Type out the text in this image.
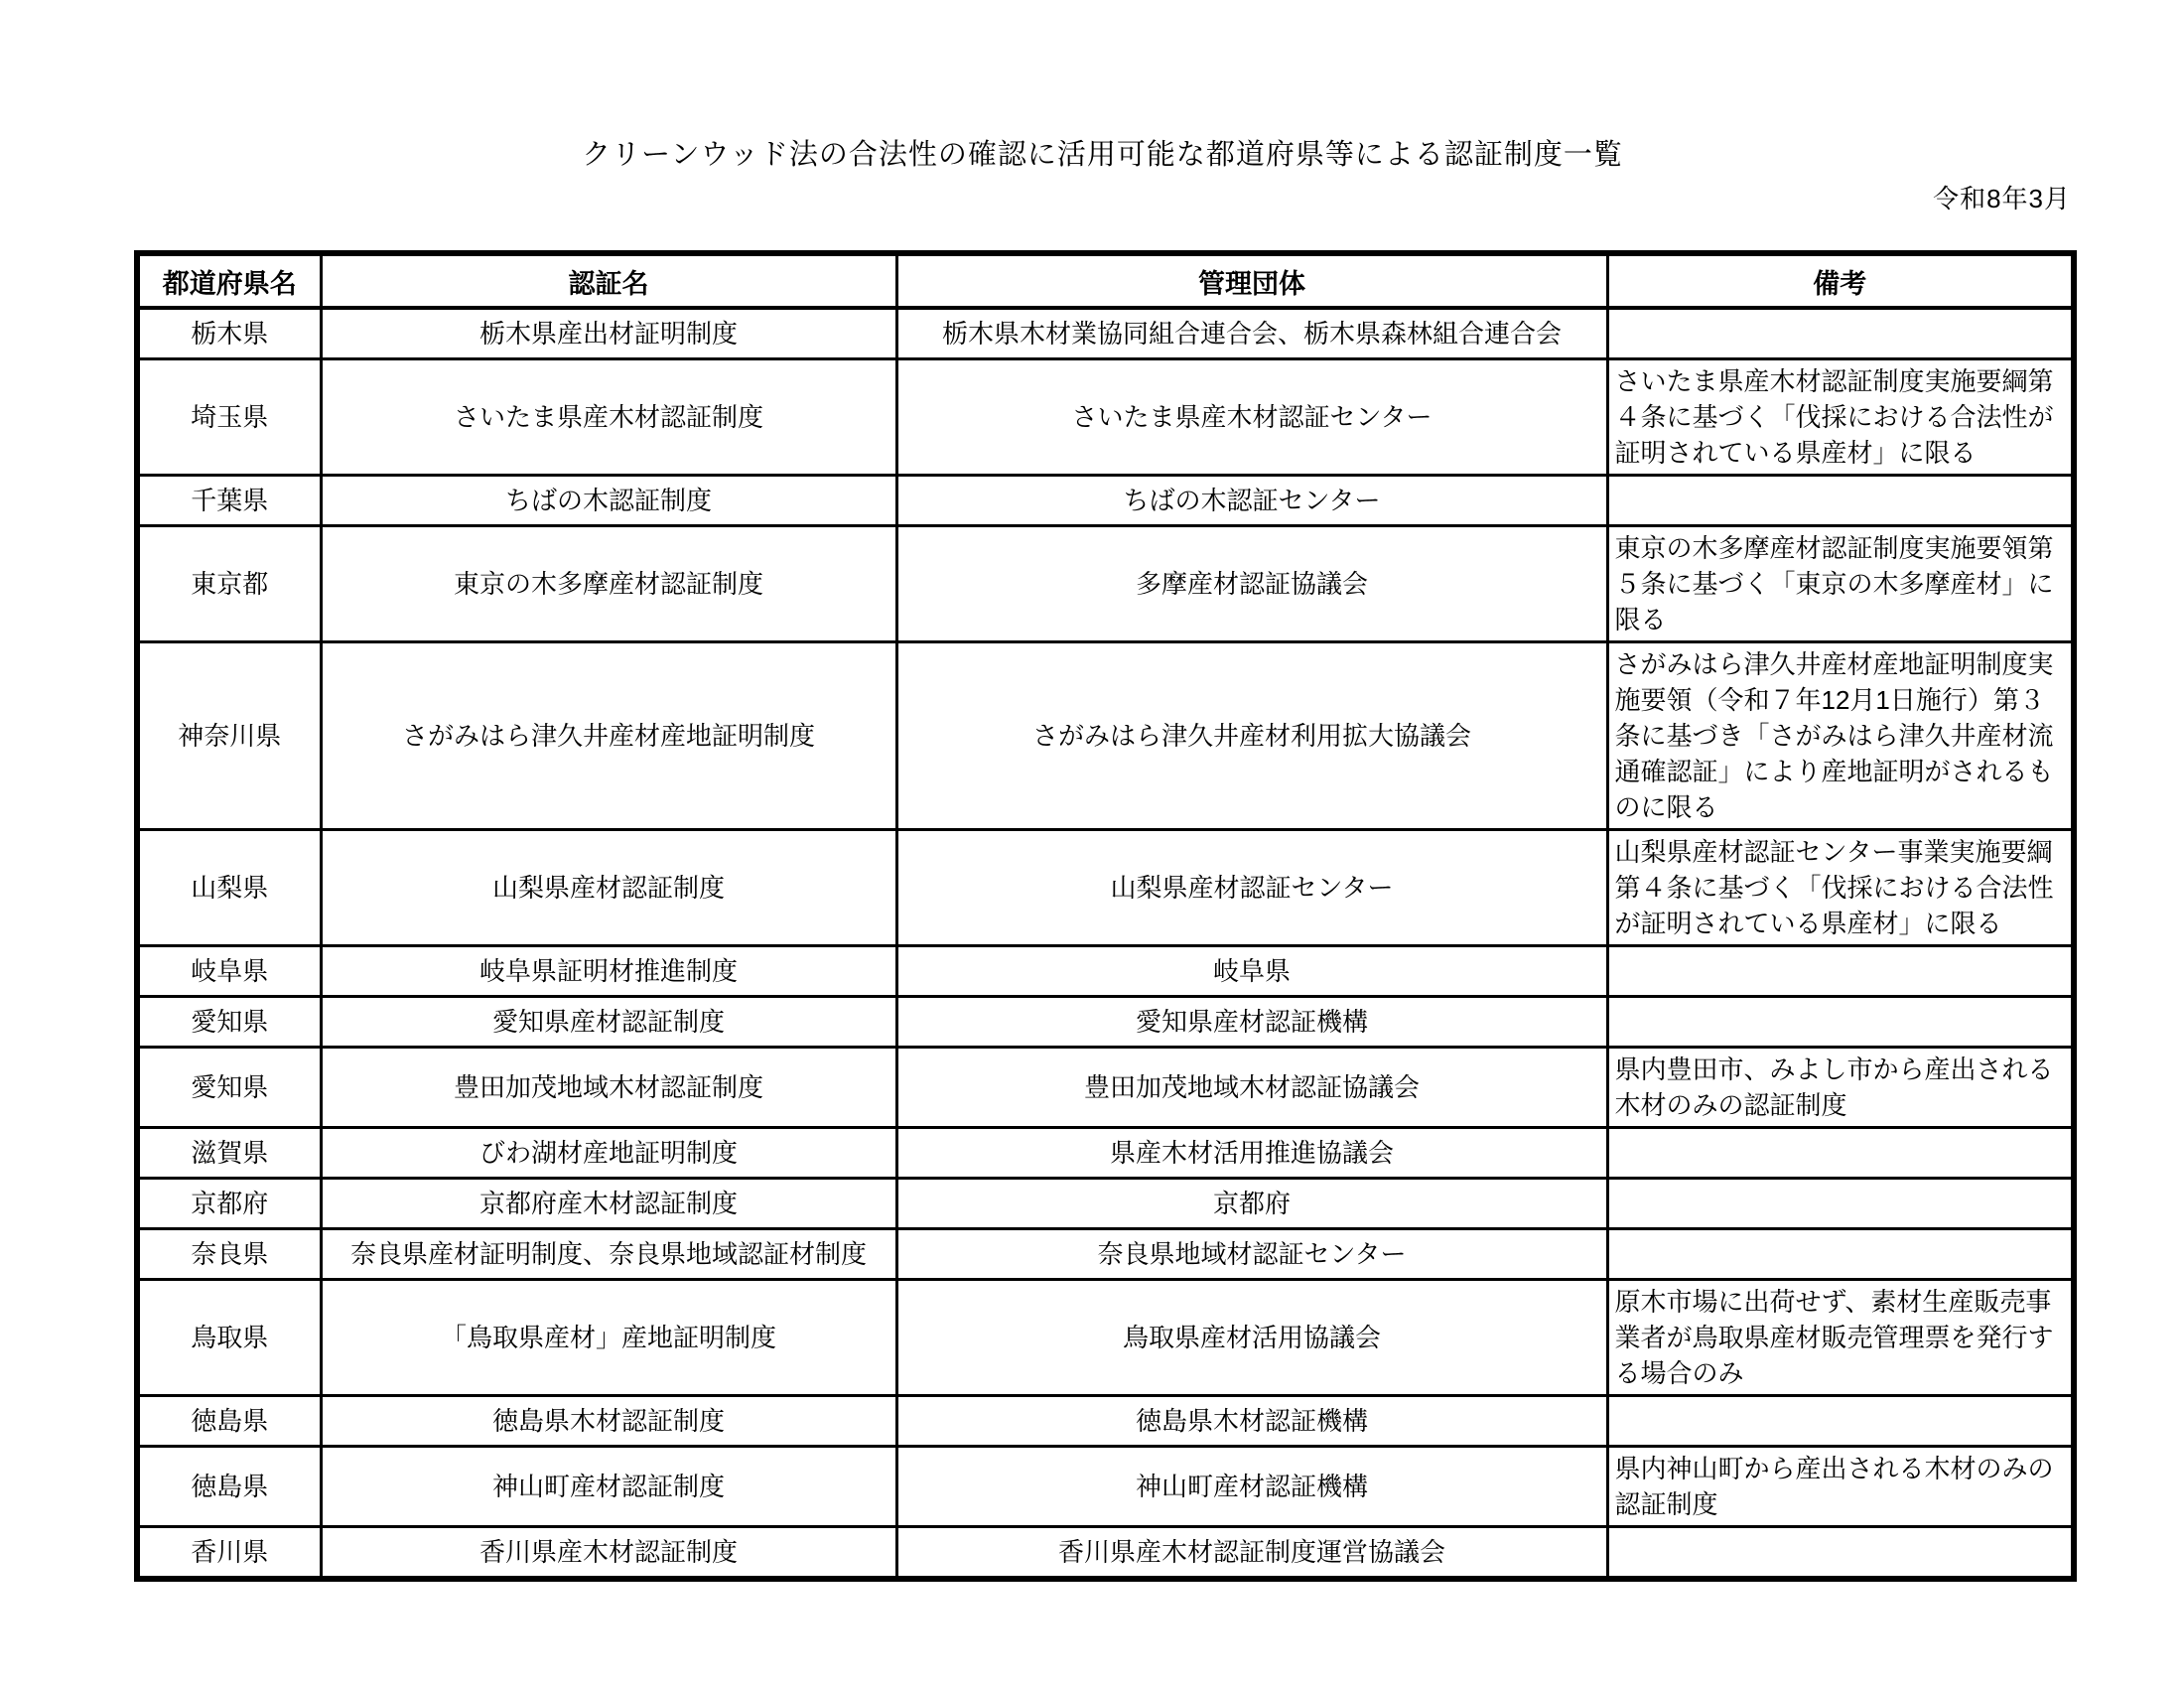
クリーンウッド法の合法性の確認に活用可能な都道府県等による認証制度一覧
令和8年3月
都道府県名	認証名	管理団体	備考
栃木県	栃木県産出材証明制度	栃木県木材業協同組合連合会、栃木県森林組合連合会	
埼玉県	さいたま県産木材認証制度	さいたま県産木材認証センター	さいたま県産木材認証制度実施要綱第４条に基づく「伐採における合法性が証明されている県産材」に限る
千葉県	ちばの木認証制度	ちばの木認証センター	
東京都	東京の木多摩産材認証制度	多摩産材認証協議会	東京の木多摩産材認証制度実施要領第５条に基づく「東京の木多摩産材」に限る
神奈川県	さがみはら津久井産材産地証明制度	さがみはら津久井産材利用拡大協議会	さがみはら津久井産材産地証明制度実施要領（令和７年12月1日施行）第３条に基づき「さがみはら津久井産材流通確認証」により産地証明がされるものに限る
山梨県	山梨県産材認証制度	山梨県産材認証センター	山梨県産材認証センター事業実施要綱第４条に基づく「伐採における合法性が証明されている県産材」に限る
岐阜県	岐阜県証明材推進制度	岐阜県	
愛知県	愛知県産材認証制度	愛知県産材認証機構	
愛知県	豊田加茂地域木材認証制度	豊田加茂地域木材認証協議会	県内豊田市、みよし市から産出される木材のみの認証制度
滋賀県	びわ湖材産地証明制度	県産木材活用推進協議会	
京都府	京都府産木材認証制度	京都府	
奈良県	奈良県産材証明制度、奈良県地域認証材制度	奈良県地域材認証センター	
鳥取県	「鳥取県産材」産地証明制度	鳥取県産材活用協議会	原木市場に出荷せず、素材生産販売事業者が鳥取県産材販売管理票を発行する場合のみ
徳島県	徳島県木材認証制度	徳島県木材認証機構	
徳島県	神山町産材認証制度	神山町産材認証機構	県内神山町から産出される木材のみの認証制度
香川県	香川県産木材認証制度	香川県産木材認証制度運営協議会	
